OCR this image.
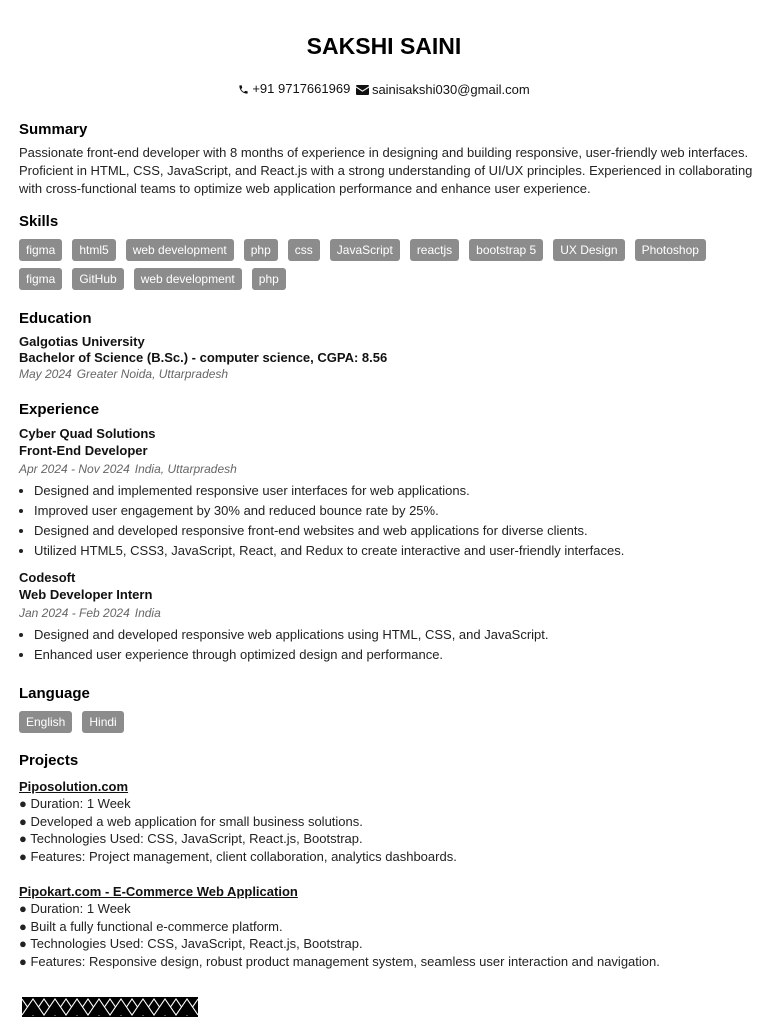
SAKSHI SAINI
+91 9717661969
sainisakshi030@gmail.com
Summary
Passionate front-end developer with 8 months of experience in designing and building responsive, user-friendly web interfaces. Proficient in HTML, CSS, JavaScript, and React.js with a strong understanding of UI/UX principles. Experienced in collaborating with cross-functional teams to optimize web application performance and enhance user experience.
Skills
figma html5 web development php css JavaScript reactjs bootstrap 5 UX Design Photoshopfigma GitHub web development php
Education
Galgotias University
Bachelor of Science (B.Sc.) - computer science, CGPA: 8.56
May 2024 Greater Noida, Uttarpradesh
Experience
Cyber Quad Solutions
Front-End Developer
Apr 2024 - Nov 2024 India, Uttarpradesh
• Designed and implemented responsive user interfaces for web applications.
• Improved user engagement by 30% and reduced bounce rate by 25%.
• Designed and developed responsive front-end websites and web applications for diverse clients.
• Utilized HTML5, CSS3, JavaScript, React, and Redux to create interactive and user-friendly interfaces.
Codesoft
Web Developer Intern
Jan 2024 - Feb 2024 India
• Designed and developed responsive web applications using HTML, CSS, and JavaScript.
• Enhanced user experience through optimized design and performance.
Language
English Hindi
Projects
Piposolution.com
● Duration: 1 Week
● Developed a web application for small business solutions.
● Technologies Used: CSS, JavaScript, React.js, Bootstrap.
● Features: Project management, client collaboration, analytics dashboards.
Pipokart.com - E-Commerce Web Application
● Duration: 1 Week
● Built a fully functional e-commerce platform.
● Technologies Used: CSS, JavaScript, React.js, Bootstrap.
● Features: Responsive design, robust product management system, seamless user interaction and navigation.
